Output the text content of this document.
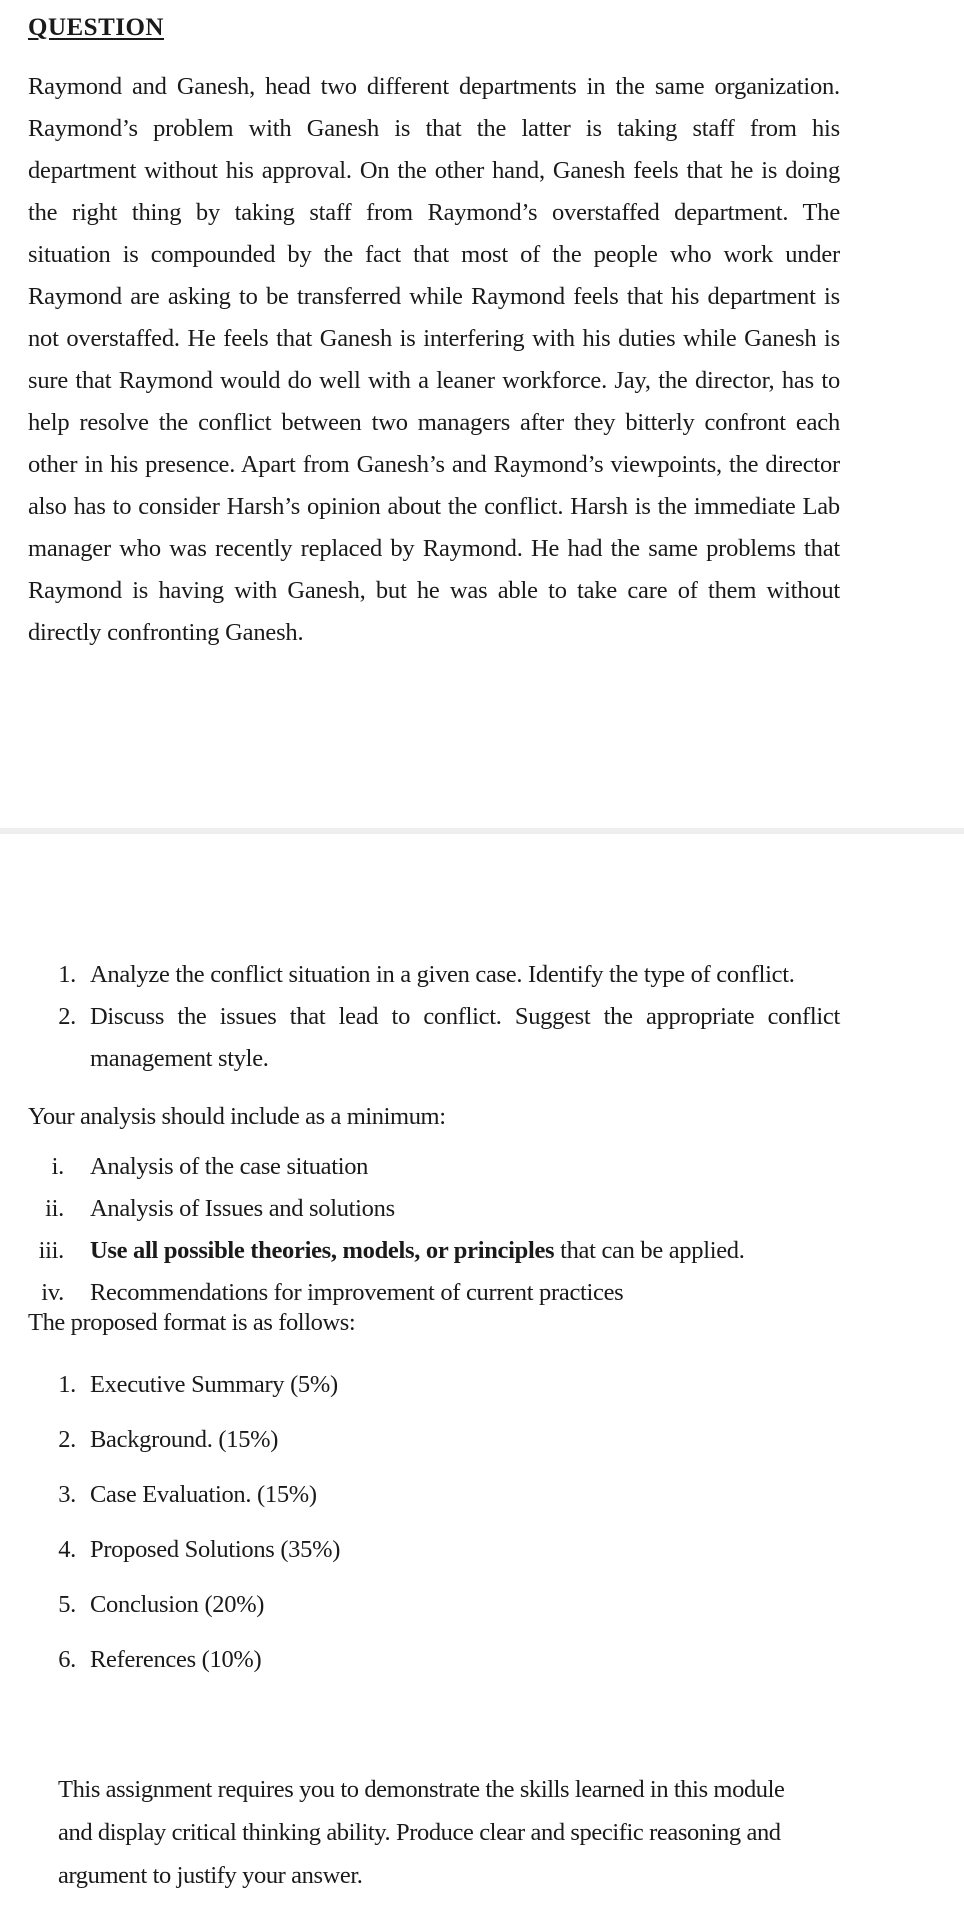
QUESTION
Raymond and Ganesh, head two different departments in the same organization. Raymond’s problem with Ganesh is that the latter is taking staff from his department without his approval. On the other hand, Ganesh feels that he is doing the right thing by taking staff from Raymond’s overstaffed department. The situation is compounded by the fact that most of the people who work under Raymond are asking to be transferred while Raymond feels that his department is not overstaffed. He feels that Ganesh is interfering with his duties while Ganesh is sure that Raymond would do well with a leaner workforce. Jay, the director, has to help resolve the conflict between two managers after they bitterly confront each other in his presence. Apart from Ganesh’s and Raymond’s viewpoints, the director also has to consider Harsh’s opinion about the conflict. Harsh is the immediate Lab manager who was recently replaced by Raymond. He had the same problems that Raymond is having with Ganesh, but he was able to take care of them without directly confronting Ganesh.
1. Analyze the conflict situation in a given case. Identify the type of conflict.
2. Discuss the issues that lead to conflict. Suggest the appropriate conflict management style.
Your analysis should include as a minimum:
i.	Analysis of the case situation
ii.	Analysis of Issues and solutions
iii.	Use all possible theories, models, or principles that can be applied.
iv.	Recommendations for improvement of current practices
The proposed format is as follows:
1. Executive Summary (5%)
2. Background. (15%)
3. Case Evaluation. (15%)
4. Proposed Solutions (35%)
5. Conclusion (20%)
6. References (10%)
This assignment requires you to demonstrate the skills learned in this module and display critical thinking ability. Produce clear and specific reasoning and argument to justify your answer.
